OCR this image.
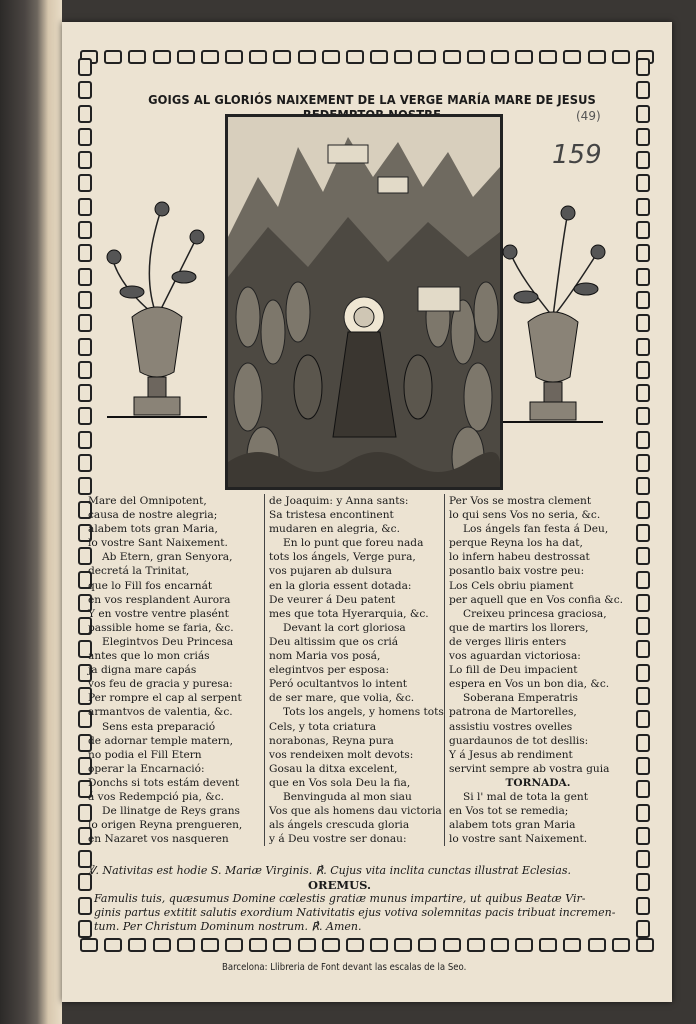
GOIGS AL GLORIÓS NAIXEMENT DE LA VERGE MARÍA MARE DE JESUS
(49)
159
Mare del Omnipotent,
causa de nostre alegria;
alabem tots gran Maria,
lo vostre Sant Naixement.
Ab Etern, gran Senyora,
decretá la Trinitat,
que lo Fill fos encarnát
en vos resplandent Aurora
Y en vostre ventre plasént
passible home se faria, &c.
Elegintvos Deu Princesa
antes que lo mon criás
ja digna mare capás
vos feu de gracia y puresa:
Per rompre el cap al serpent
armantvos de valentia, &c.
Sens esta preparació
de adornar temple matern,
no podia el Fill Etern
operar la Encarnació:
Donchs si tots estám devent
á vos Redempció pia, &c.
De llinatge de Reys grans
lo origen Reyna prengueren,
en Nazaret vos nasqueren
de Joaquim: y Anna sants:
Sa tristesa encontinent
mudaren en alegria, &c.
En lo punt que foreu nada
tots los ángels, Verge pura,
vos pujaren ab dulsura
en la gloria essent dotada:
De veurer á Deu patent
mes que tota Hyerarquia, &c.
Devant la cort gloriosa
Deu altissim que os criá
nom Maria vos posá,
elegintvos per esposa:
Peró ocultantvos lo intent
de ser mare, que volia, &c.
Tots los angels, y homens tots
Cels, y tota criatura
norabonas, Reyna pura
vos rendeixen molt devots:
Gosau la ditxa excelent,
que en Vos sola Deu la fia,
Benvinguda al mon siau
Vos que als homens dau victoria
als ángels crescuda gloria
y á Deu vostre ser donau:
Per Vos se mostra clement
lo qui sens Vos no seria, &c.
Los ángels fan festa á Deu,
perque Reyna los ha dat,
lo infern habeu destrossat
posantlo baix vostre peu:
Los Cels obriu piament
per aquell que en Vos confia &c.
Creixeu princesa graciosa,
que de martirs los llorers,
de verges lliris enters
vos aguardan victoriosa:
Lo fill de Deu impacient
espera en Vos un bon dia, &c.
Soberana Emperatris
patrona de Martorelles,
assistiu vostres ovelles
guardaunos de tot desllis:
Y á Jesus ab rendiment
servint sempre ab vostra guia
TORNADA.
Si l' mal de tota la gent
en Vos tot se remedia;
alabem tots gran Maria
lo vostre sant Naixement.
℣. Nativitas est hodie S. Mariæ Virginis. ℟. Cujus vita inclita cunctas illustrat Eclesias.
OREMUS.
Famulis tuis, quæsumus Domine cœlestis gratiæ munus impartire, ut quibus Beatæ Vir-
ginis partus extitit salutis exordium Nativitatis ejus votiva solemnitas pacis tribuat incremen-
tum. Per Christum Dominum nostrum. ℟. Amen.
Barcelona: Llibreria de Font devant las escalas de la Seo.
